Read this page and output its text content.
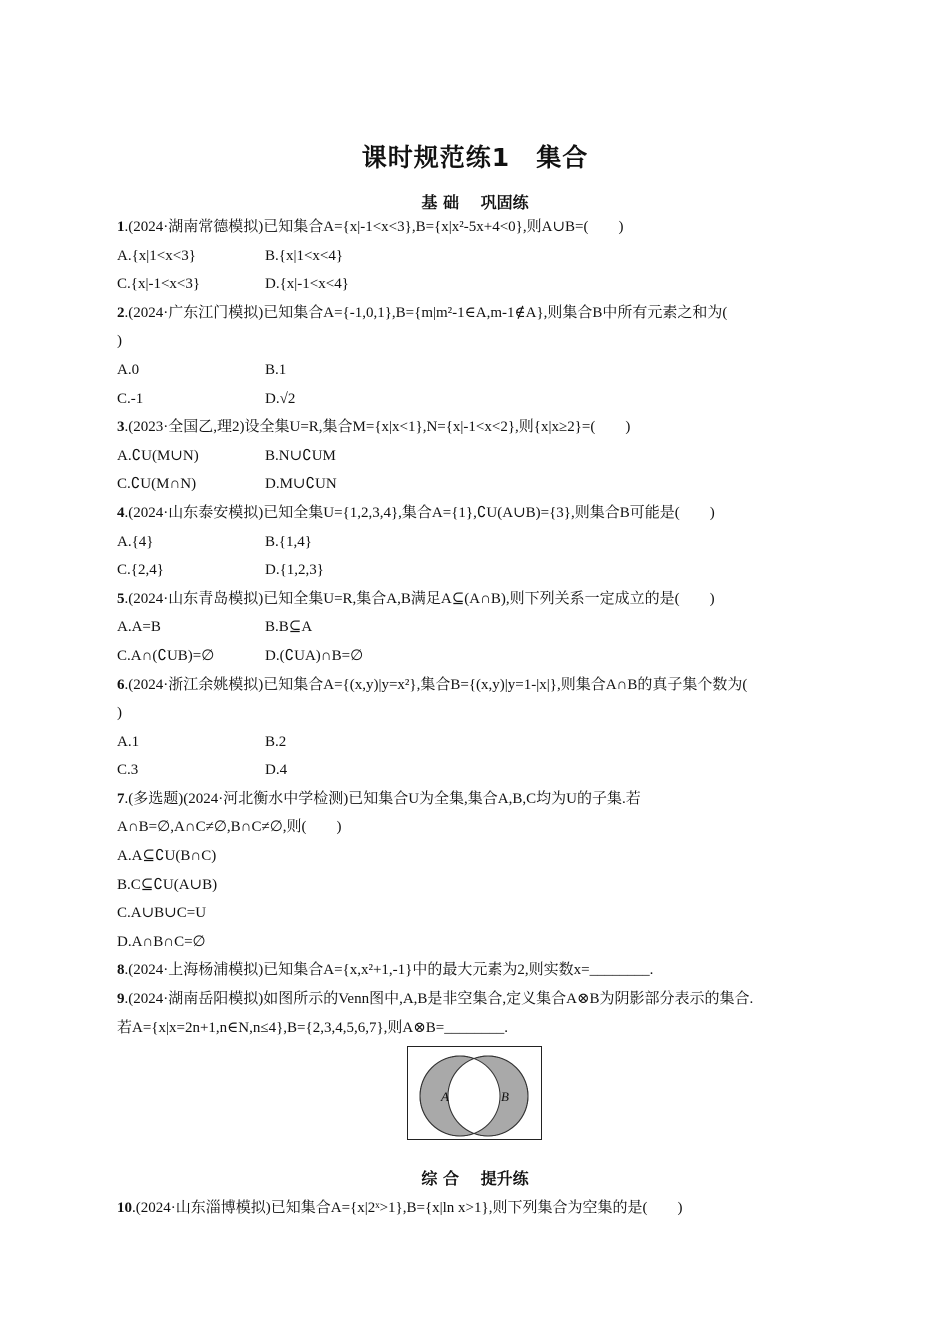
课时规范练1　集合
基 础　 巩固练
1.(2024·湖南常德模拟)已知集合A={x|-1<x<3},B={x|x²-5x+4<0},则A∪B=(　　)
A.{x|1<x<3}	B.{x|1<x<4}
C.{x|-1<x<3}	D.{x|-1<x<4}
2.(2024·广东江门模拟)已知集合A={-1,0,1},B={m|m²-1∈A,m-1∉A},则集合B中所有元素之和为(
)
A.0	B.1
C.-1	D.√2
3.(2023·全国乙,理2)设全集U=R,集合M={x|x<1},N={x|-1<x<2},则{x|x≥2}=(　　)
A.∁U(M∪N)	B.N∪∁UM
C.∁U(M∩N)	D.M∪∁UN
4.(2024·山东泰安模拟)已知全集U={1,2,3,4},集合A={1},∁U(A∪B)={3},则集合B可能是(　　)
A.{4}	B.{1,4}
C.{2,4}	D.{1,2,3}
5.(2024·山东青岛模拟)已知全集U=R,集合A,B满足A⊆(A∩B),则下列关系一定成立的是(　　)
A.A=B	B.B⊆A
C.A∩(∁UB)=∅	D.(∁UA)∩B=∅
6.(2024·浙江余姚模拟)已知集合A={(x,y)|y=x²},集合B={(x,y)|y=1-|x|},则集合A∩B的真子集个数为(
)
A.1	B.2
C.3	D.4
7.(多选题)(2024·河北衡水中学检测)已知集合U为全集,集合A,B,C均为U的子集.若
A∩B=∅,A∩C≠∅,B∩C≠∅,则(　　)
A.A⊆∁U(B∩C)
B.C⊆∁U(A∪B)
C.A∪B∪C=U
D.A∩B∩C=∅
8.(2024·上海杨浦模拟)已知集合A={x,x²+1,-1}中的最大元素为2,则实数x=________.
9.(2024·湖南岳阳模拟)如图所示的Venn图中,A,B是非空集合,定义集合A⊗B为阴影部分表示的集合.
若A={x|x=2n+1,n∈N,n≤4},B={2,3,4,5,6,7},则A⊗B=________.
A	B
综 合　 提升练
10.(2024·山东淄博模拟)已知集合A={x|2ˣ>1},B={x|ln x>1},则下列集合为空集的是(　　)
